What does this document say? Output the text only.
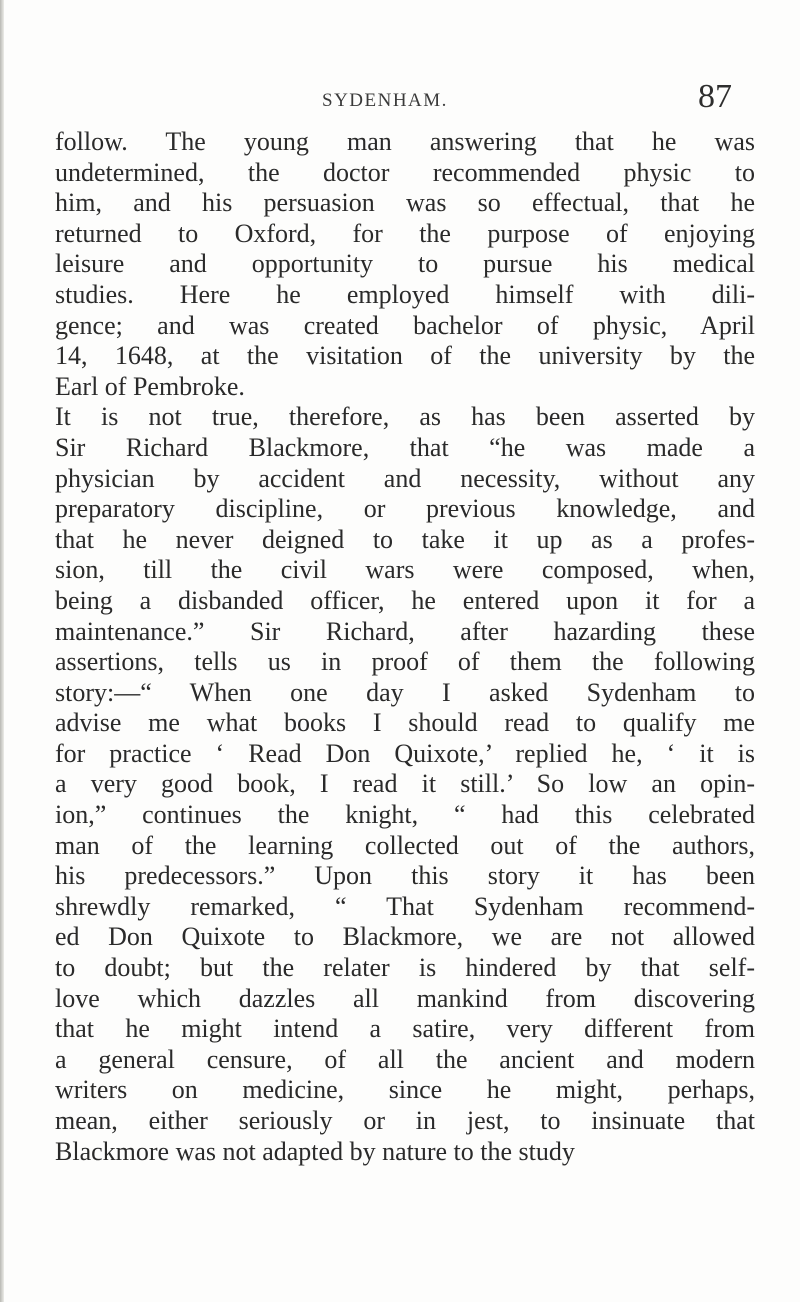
SYDENHAM.	87
follow. The young man answering that he was
undetermined, the doctor recommended physic to
him, and his persuasion was so effectual, that he
returned to Oxford, for the purpose of enjoying
leisure and opportunity to pursue his medical
studies. Here he employed himself with dili-
gence; and was created bachelor of physic, April
14, 1648, at the visitation of the university by the
Earl of Pembroke.
It is not true, therefore, as has been asserted by
Sir Richard Blackmore, that “he was made a
physician by accident and necessity, without any
preparatory discipline, or previous knowledge, and
that he never deigned to take it up as a profes-
sion, till the civil wars were composed, when,
being a disbanded officer, he entered upon it for a
maintenance.” Sir Richard, after hazarding these
assertions, tells us in proof of them the following
story:—“ When one day I asked Sydenham to
advise me what books I should read to qualify me
for practice ‘ Read Don Quixote,’ replied he, ‘ it is
a very good book, I read it still.’ So low an opin-
ion,” continues the knight, “ had this celebrated
man of the learning collected out of the authors,
his predecessors.” Upon this story it has been
shrewdly remarked, “ That Sydenham recommend-
ed Don Quixote to Blackmore, we are not allowed
to doubt; but the relater is hindered by that self-
love which dazzles all mankind from discovering
that he might intend a satire, very different from
a general censure, of all the ancient and modern
writers on medicine, since he might, perhaps,
mean, either seriously or in jest, to insinuate that
Blackmore was not adapted by nature to the study
